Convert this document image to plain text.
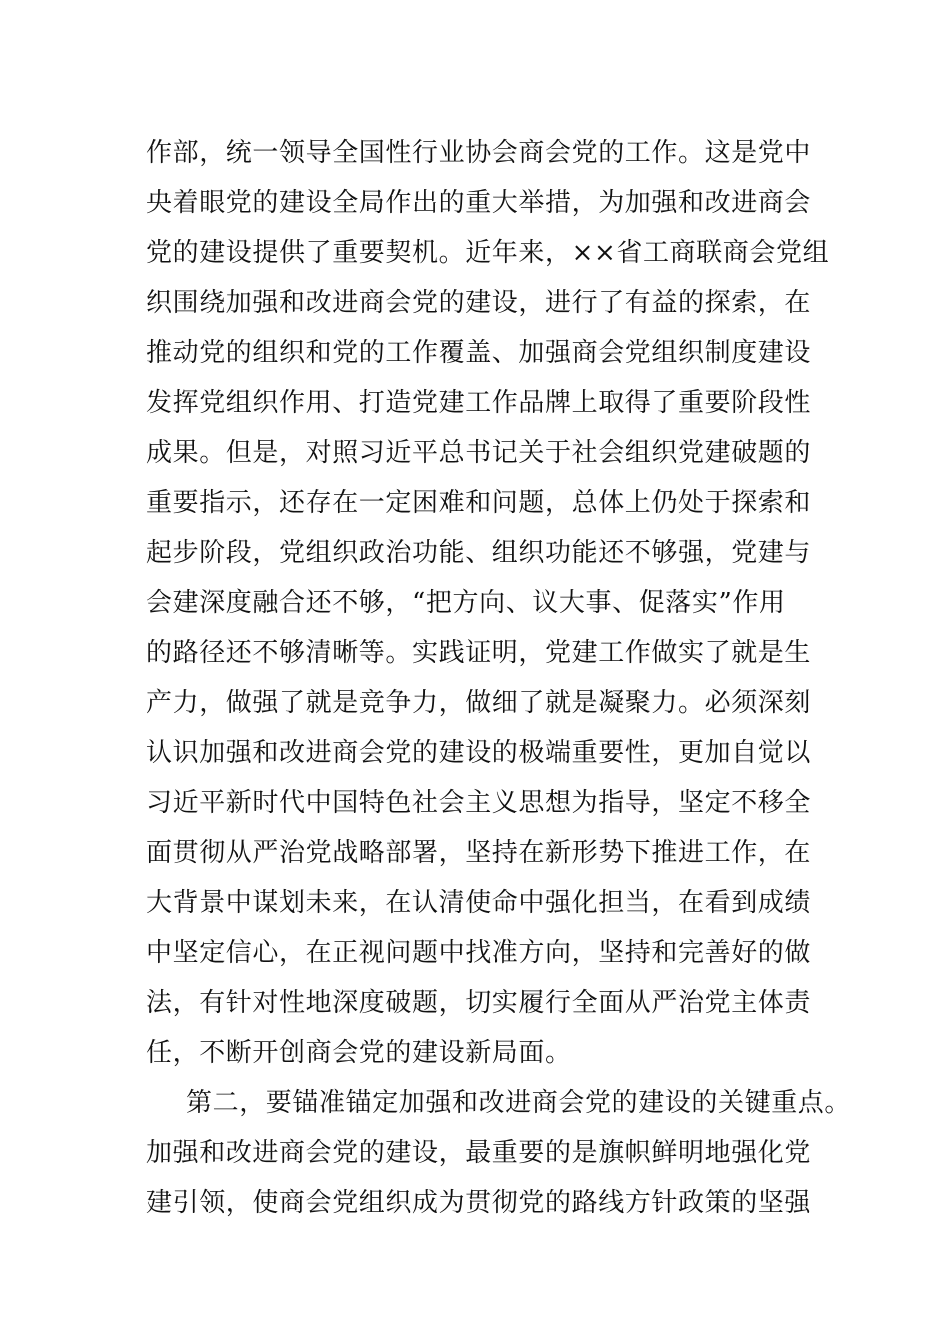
作部，统一领导全国性行业协会商会党的工作。这是党中
央着眼党的建设全局作出的重大举措，为加强和改进商会
党的建设提供了重要契机。近年来，××省工商联商会党组
织围绕加强和改进商会党的建设，进行了有益的探索，在
推动党的组织和党的工作覆盖、加强商会党组织制度建设
发挥党组织作用、打造党建工作品牌上取得了重要阶段性
成果。但是，对照习近平总书记关于社会组织党建破题的
重要指示，还存在一定困难和问题，总体上仍处于探索和
起步阶段，党组织政治功能、组织功能还不够强，党建与
会建深度融合还不够，“把方向、议大事、促落实”作用
的路径还不够清晰等。实践证明，党建工作做实了就是生
产力，做强了就是竞争力，做细了就是凝聚力。必须深刻
认识加强和改进商会党的建设的极端重要性，更加自觉以
习近平新时代中国特色社会主义思想为指导，坚定不移全
面贯彻从严治党战略部署，坚持在新形势下推进工作，在
大背景中谋划未来，在认清使命中强化担当，在看到成绩
中坚定信心，在正视问题中找准方向，坚持和完善好的做
法，有针对性地深度破题，切实履行全面从严治党主体责
任，不断开创商会党的建设新局面。
第二，要锚准锚定加强和改进商会党的建设的关键重点。
加强和改进商会党的建设，最重要的是旗帜鲜明地强化党
建引领，使商会党组织成为贯彻党的路线方针政策的坚强
